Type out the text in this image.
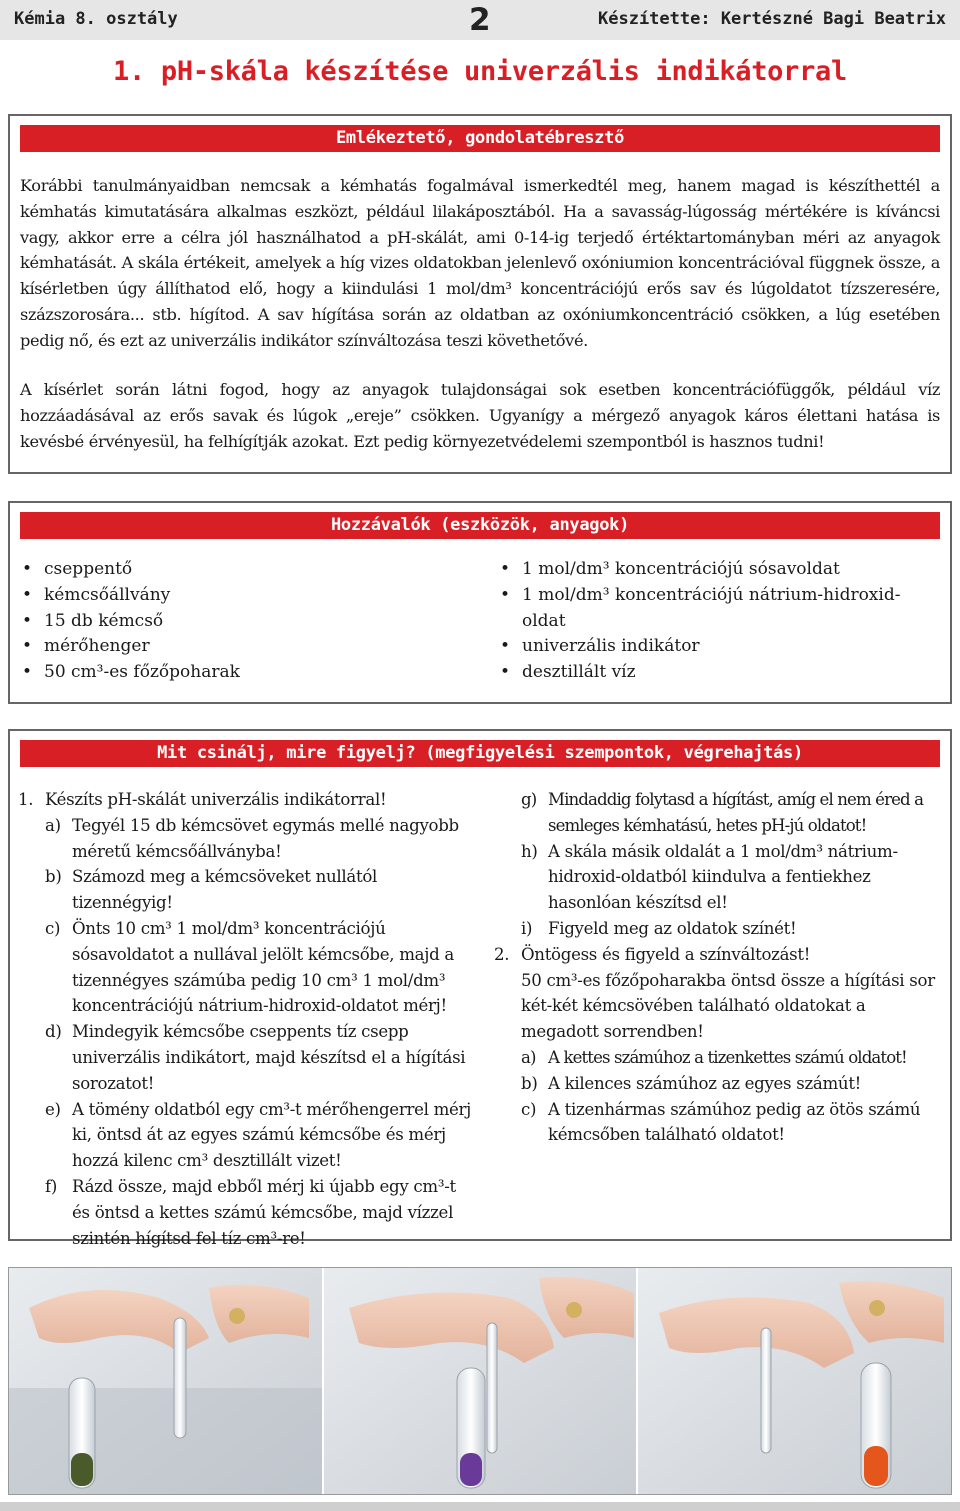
Kémia 8. osztály	2	Készítette: Kertészné Bagi Beatrix
1. pH-skála készítése univerzális indikátorral
Emlékeztető, gondolatébresztő
Korábbi tanulmányaidban nemcsak a kémhatás fogalmával ismerkedtél meg, hanem magad is készíthettél a kémhatás kimutatására alkalmas eszközt, például lilakáposztából. Ha a savasság-lúgosság mértékére is kíváncsi vagy, akkor erre a célra jól használhatod a pH-skálát, ami 0-14-ig terjedő értéktartományban méri az anyagok kémhatását. A skála értékeit, amelyek a híg vizes oldatokban jelenlevő oxóniumion koncentrációval függnek össze, a kísérletben úgy állíthatod elő, hogy a kiindulási 1 mol/dm³ koncentrációjú erős sav és lúgoldatot tízszeresére, százszorosára... stb. hígítod. A sav hígítása során az oldatban az oxóniumkoncentráció csökken, a lúg esetében pedig nő, és ezt az univerzális indikátor színváltozása teszi követhetővé.
A kísérlet során látni fogod, hogy az anyagok tulajdonságai sok esetben koncentrációfüggők, például víz hozzáadásával az erős savak és lúgok „ereje” csökken. Ugyanígy a mérgező anyagok káros élettani hatása is kevésbé érvényesül, ha felhígítják azokat. Ezt pedig környezetvédelemi szempontból is hasznos tudni!
Hozzávalók (eszközök, anyagok)
• cseppentő
• kémcsőállvány
• 15 db kémcső
• mérőhenger
• 50 cm³-es főzőpoharak
• 1 mol/dm³ koncentrációjú sósavoldat
• 1 mol/dm³ koncentrációjú nátrium-hidroxid-oldat
• univerzális indikátor
• desztillált víz
Mit csinálj, mire figyelj? (megfigyelési szempontok, végrehajtás)
1. Készíts pH-skálát univerzális indikátorral!
a) Tegyél 15 db kémcsövet egymás mellé nagyobb méretű kémcsőállványba!
b) Számozd meg a kémcsöveket nullától tizennégyig!
c) Önts 10 cm³ 1 mol/dm³ koncentrációjú sósavoldatot a nullával jelölt kémcsőbe, majd a tizennégyes számúba pedig 10 cm³ 1 mol/dm³ koncentrációjú nátrium-hidroxid-oldatot mérj!
d) Mindegyik kémcsőbe cseppents tíz csepp univerzális indikátort, majd készítsd el a hígítási sorozatot!
e) A tömény oldatból egy cm³-t mérőhengerrel mérj ki, öntsd át az egyes számú kémcsőbe és mérj hozzá kilenc cm³ desztillált vizet!
f) Rázd össze, majd ebből mérj ki újabb egy cm³-t és öntsd a kettes számú kémcsőbe, majd vízzel szintén hígítsd fel tíz cm³-re!
g) Mindaddig folytasd a hígítást, amíg el nem éred a semleges kémhatású, hetes pH-jú oldatot!
h) A skála másik oldalát a 1 mol/dm³ nátrium-hidroxid-oldatból kiindulva a fentiekhez hasonlóan készítsd el!
i) Figyeld meg az oldatok színét!
2. Öntögess és figyeld a színváltozást!
50 cm³-es főzőpoharakba öntsd össze a hígítási sor két-két kémcsövében található oldatokat a megadott sorrendben!
a) A kettes számúhoz a tizenkettes számú oldatot!
b) A kilences számúhoz az egyes számút!
c) A tizenhármas számúhoz pedig az ötös számú kémcsőben található oldatot!
